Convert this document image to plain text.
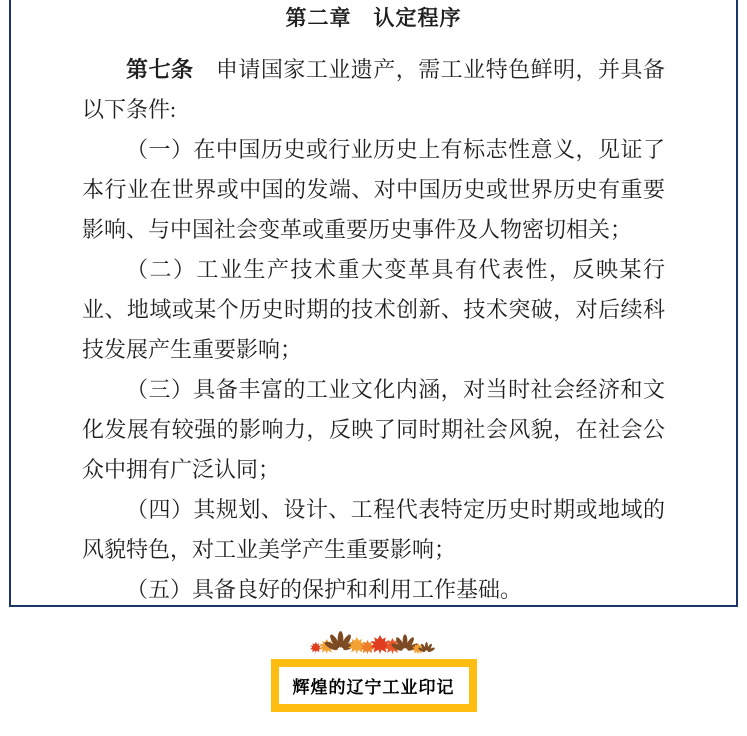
第二章　认定程序

第七条　申请国家工业遗产，需工业特色鲜明，并具备以下条件:

（一）在中国历史或行业历史上有标志性意义，见证了本行业在世界或中国的发端、对中国历史或世界历史有重要影响、与中国社会变革或重要历史事件及人物密切相关；

（二）工业生产技术重大变革具有代表性，反映某行业、地域或某个历史时期的技术创新、技术突破，对后续科技发展产生重要影响；

（三）具备丰富的工业文化内涵，对当时社会经济和文化发展有较强的影响力，反映了同时期社会风貌，在社会公众中拥有广泛认同；

（四）其规划、设计、工程代表特定历史时期或地域的风貌特色，对工业美学产生重要影响；

（五）具备良好的保护和利用工作基础。

辉煌的辽宁工业印记
